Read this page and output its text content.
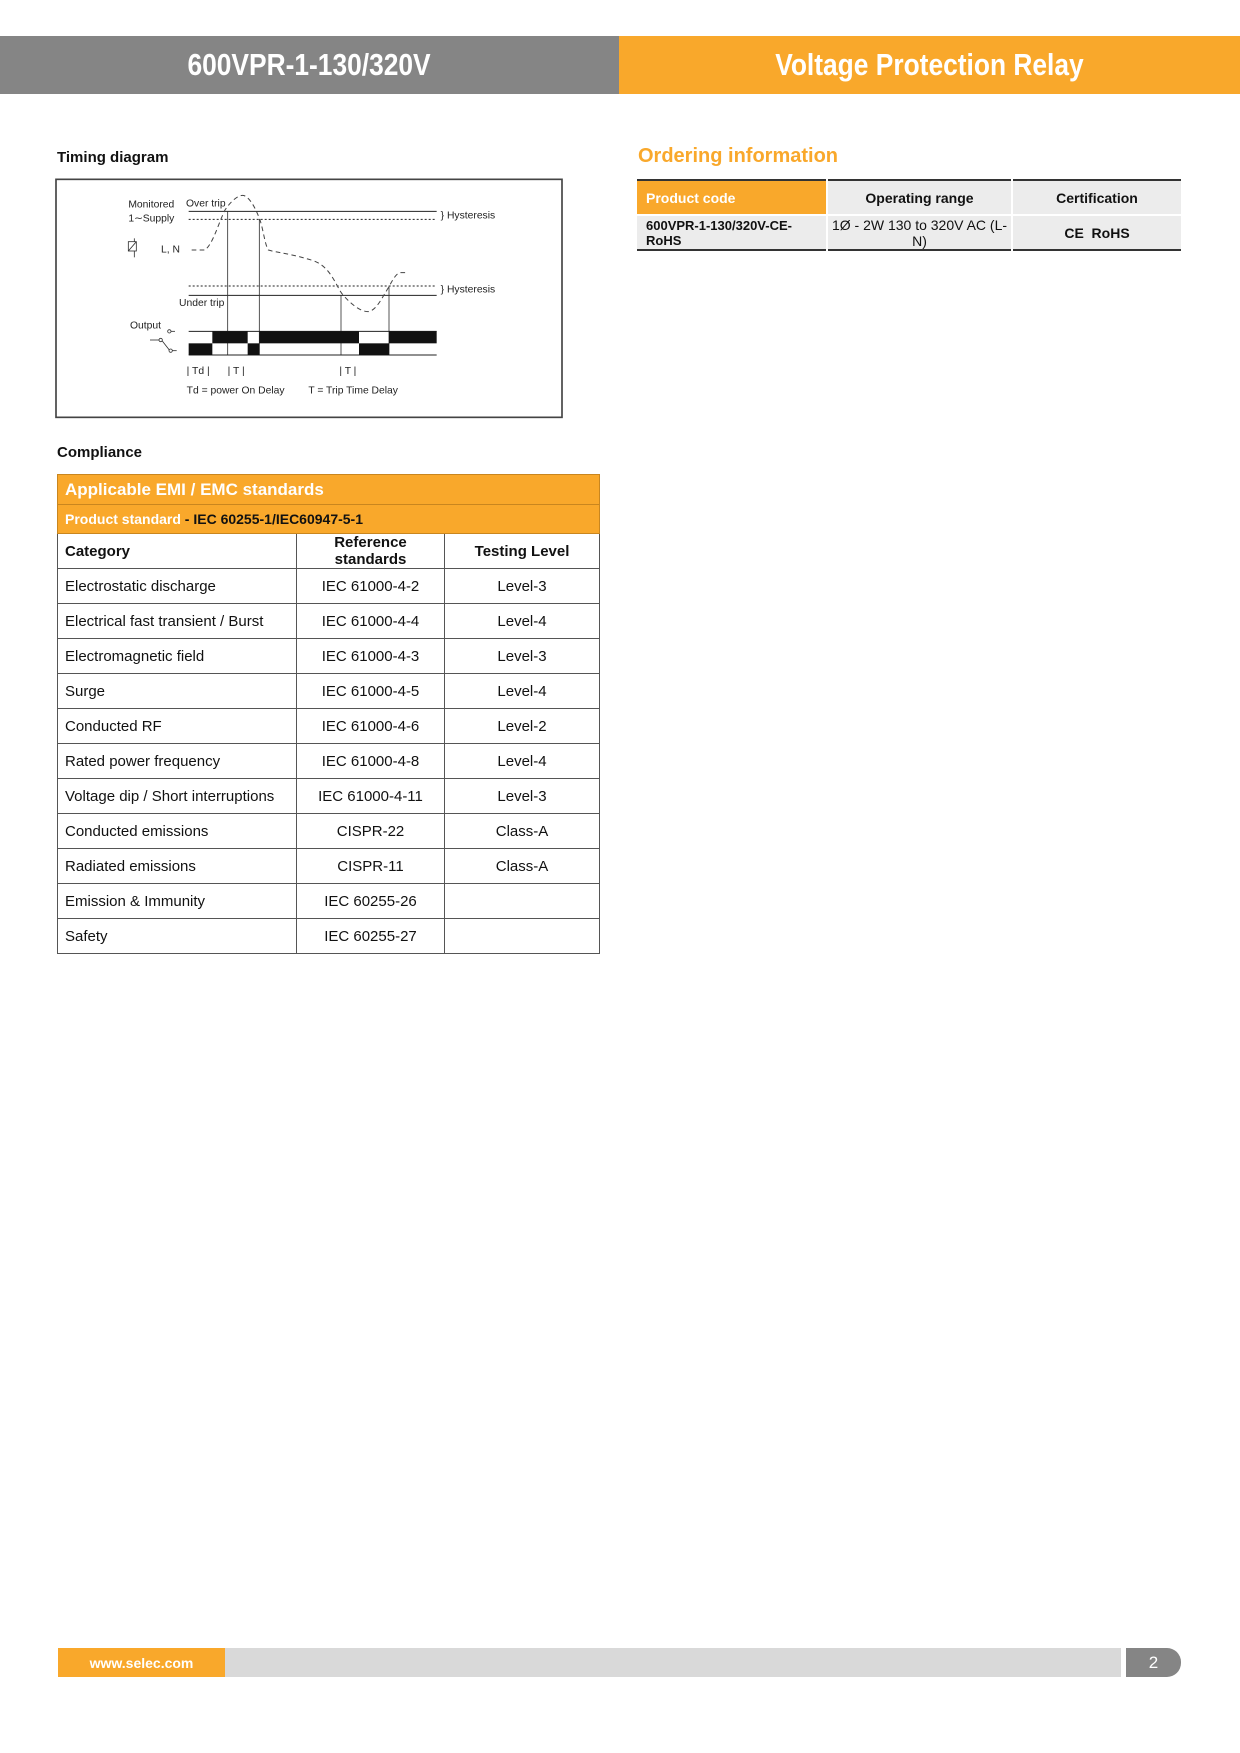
600VPR-1-130/320V	Voltage Protection Relay
Timing diagram
Monitored
1∼Supply
L, N
Over trip
} Hysteresis
} Hysteresis
Under trip
Output
| Td | | T |	| T |
Td = power On Delay T = Trip Time Delay
Compliance
Applicable EMI / EMC standards		
Product standard - IEC 60255-1/IEC60947-5-1		
Category	Reference standards	Testing Level
Electrostatic discharge	IEC 61000-4-2	Level-3
Electrical fast transient / Burst	IEC 61000-4-4	Level-4
Electromagnetic field	IEC 61000-4-3	Level-3
Surge	IEC 61000-4-5	Level-4
Conducted RF	IEC 61000-4-6	Level-2
Rated power frequency	IEC 61000-4-8	Level-4
Voltage dip / Short interruptions	IEC 61000-4-11	Level-3
Conducted emissions	CISPR-22	Class-A
Radiated emissions	CISPR-11	Class-A
Emission & Immunity	IEC 60255-26	
Safety	IEC 60255-27	
Ordering information
Product code	Operating range	Certification
600VPR-1-130/320V-CE-RoHS	1Ø - 2W 130 to 320V AC (L-N)	CE  RoHS
www.selec.com	2
